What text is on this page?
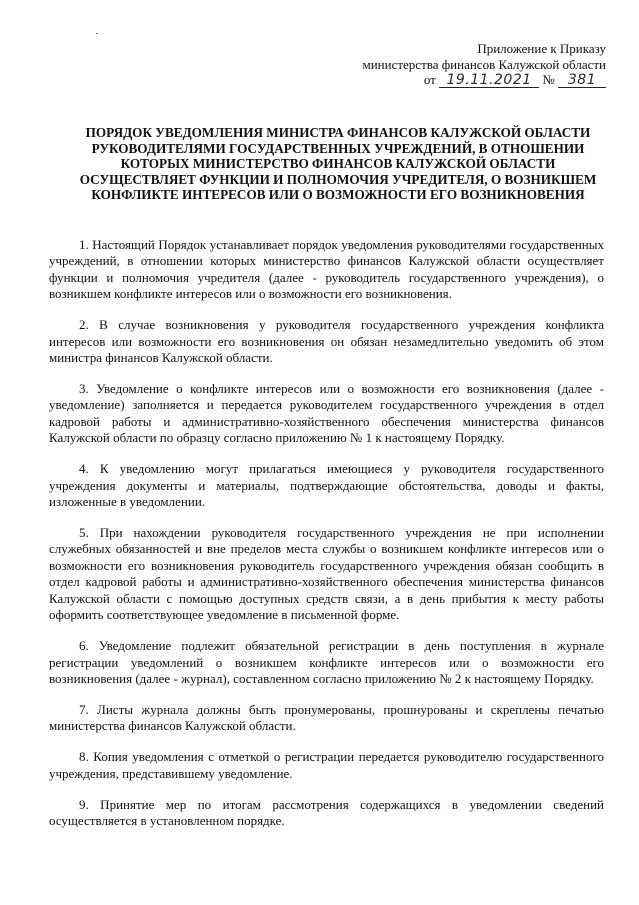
Приложение к Приказу
министерства финансов Калужской области
от 19.11.2021 № 381
ПОРЯДОК УВЕДОМЛЕНИЯ МИНИСТРА ФИНАНСОВ КАЛУЖСКОЙ ОБЛАСТИ РУКОВОДИТЕЛЯМИ ГОСУДАРСТВЕННЫХ УЧРЕЖДЕНИЙ, В ОТНОШЕНИИ КОТОРЫХ МИНИСТЕРСТВО ФИНАНСОВ КАЛУЖСКОЙ ОБЛАСТИ ОСУЩЕСТВЛЯЕТ ФУНКЦИИ И ПОЛНОМОЧИЯ УЧРЕДИТЕЛЯ, О ВОЗНИКШЕМ КОНФЛИКТЕ ИНТЕРЕСОВ ИЛИ О ВОЗМОЖНОСТИ ЕГО ВОЗНИКНОВЕНИЯ

1. Настоящий Порядок устанавливает порядок уведомления руководителями государственных учреждений, в отношении которых министерство финансов Калужской области осуществляет функции и полномочия учредителя (далее - руководитель государственного учреждения), о возникшем конфликте интересов или о возможности его возникновения.

2. В случае возникновения у руководителя государственного учреждения конфликта интересов или возможности его возникновения он обязан незамедлительно уведомить об этом министра финансов Калужской области.

3. Уведомление о конфликте интересов или о возможности его возникновения (далее - уведомление) заполняется и передается руководителем государственного учреждения в отдел кадровой работы и административно-хозяйственного обеспечения министерства финансов Калужской области по образцу согласно приложению № 1 к настоящему Порядку.

4. К уведомлению могут прилагаться имеющиеся у руководителя государственного учреждения документы и материалы, подтверждающие обстоятельства, доводы и факты, изложенные в уведомлении.

5. При нахождении руководителя государственного учреждения не при исполнении служебных обязанностей и вне пределов места службы о возникшем конфликте интересов или о возможности его возникновения руководитель государственного учреждения обязан сообщить в отдел кадровой работы и административно-хозяйственного обеспечения министерства финансов Калужской области с помощью доступных средств связи, а в день прибытия к месту работы оформить соответствующее уведомление в письменной форме.

6. Уведомление подлежит обязательной регистрации в день поступления в журнале регистрации уведомлений о возникшем конфликте интересов или о возможности его возникновения (далее - журнал), составленном согласно приложению № 2 к настоящему Порядку.

7. Листы журнала должны быть пронумерованы, прошнурованы и скреплены печатью министерства финансов Калужской области.

8. Копия уведомления с отметкой о регистрации передается руководителю государственного учреждения, представившему уведомление.

9. Принятие мер по итогам рассмотрения содержащихся в уведомлении сведений осуществляется в установленном порядке.
